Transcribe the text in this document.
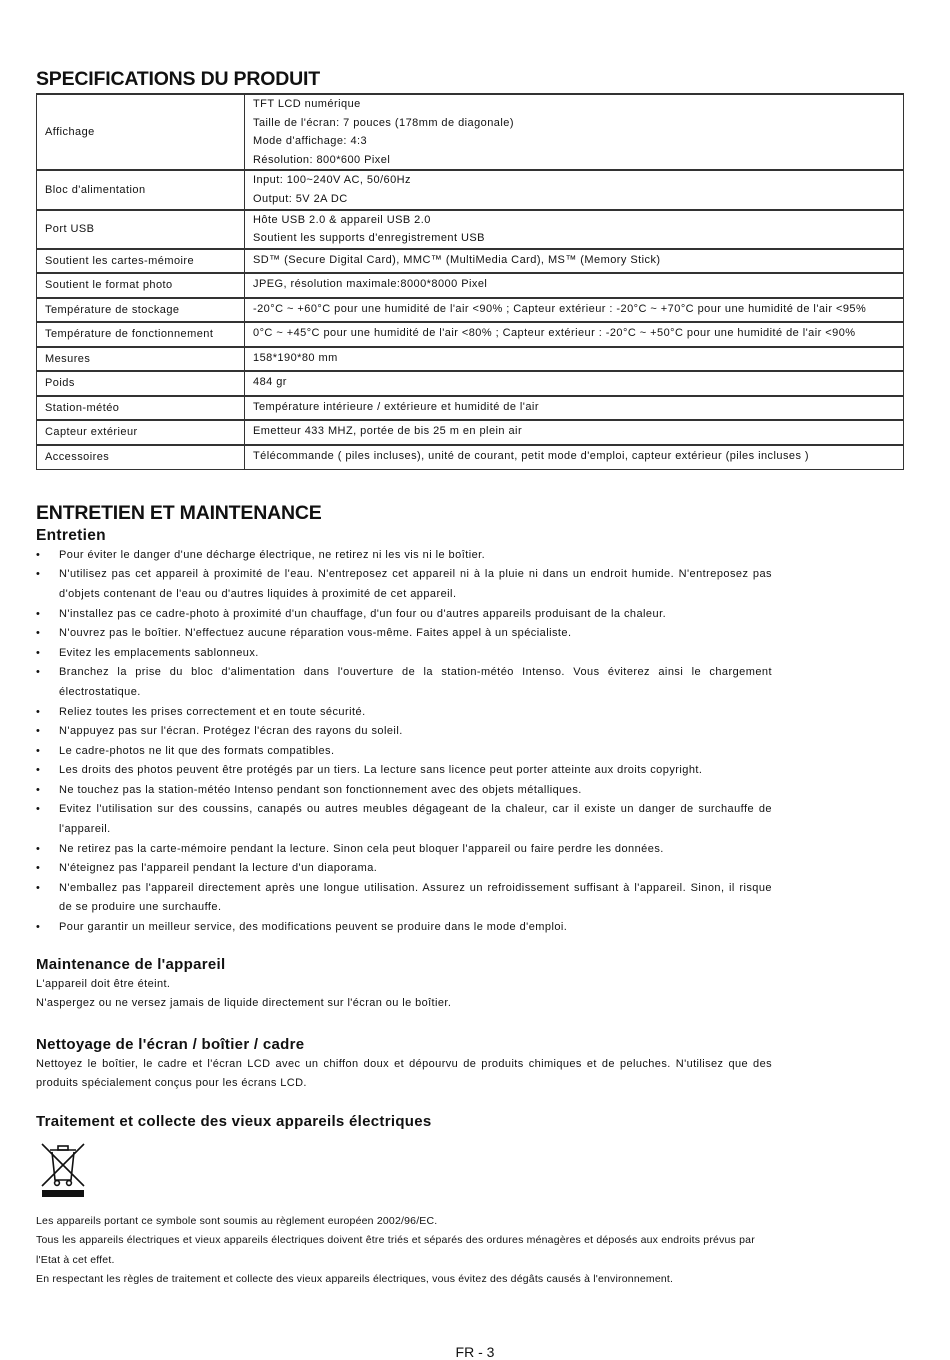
SPECIFICATIONS DU PRODUIT
Affichage	TFT LCD numérique
Taille de l'écran: 7 pouces (178mm de diagonale)
Mode d'affichage: 4:3
Résolution: 800*600 Pixel

Bloc d'alimentation	Input: 100~240V AC, 50/60Hz
Output: 5V 2A DC

Port USB	Hôte USB 2.0 & appareil USB 2.0
Soutient les supports d'enregistrement USB

Soutient les cartes-mémoire	SD™ (Secure Digital Card), MMC™ (MultiMedia Card), MS™ (Memory Stick)

Soutient le format photo	JPEG, résolution maximale:8000*8000 Pixel

Température de stockage	-20°C ~ +60°C pour une humidité de l'air <90% ; Capteur extérieur : -20°C ~ +70°C pour une humidité de l'air <95%

Température de fonctionnement	0°C ~ +45°C pour une humidité de l'air <80% ; Capteur extérieur : -20°C ~ +50°C pour une humidité de l'air <90%

Mesures	158*190*80 mm

Poids	484 gr

Station-météo	Température intérieure / extérieure et humidité de l'air

Capteur extérieur	Emetteur 433 MHZ, portée de bis 25 m en plein air

Accessoires	Télécommande ( piles incluses), unité de courant, petit mode d'emploi, capteur extérieur (piles incluses )
ENTRETIEN ET MAINTENANCE
Entretien
• Pour éviter le danger d'une décharge électrique, ne retirez ni les vis ni le boîtier.
• N'utilisez pas cet appareil à proximité de l'eau. N'entreposez cet appareil ni à la pluie ni dans un endroit humide. N'entreposez pas d'objets contenant de l'eau ou d'autres liquides à proximité de cet appareil.
• N'installez pas ce cadre-photo à proximité d'un chauffage, d'un four ou d'autres appareils produisant de la chaleur.
• N'ouvrez pas le boîtier. N'effectuez aucune réparation vous-même. Faites appel à un spécialiste.
• Evitez les emplacements sablonneux.
• Branchez la prise du bloc d'alimentation dans l'ouverture de la station-météo Intenso. Vous éviterez ainsi le chargement électrostatique.
• Reliez toutes les prises correctement et en toute sécurité.
• N'appuyez pas sur l'écran. Protégez l'écran des rayons du soleil.
• Le cadre-photos ne lit que des formats compatibles.
• Les droits des photos peuvent être protégés par un tiers. La lecture sans licence peut porter atteinte aux droits copyright.
• Ne touchez pas la station-météo Intenso pendant son fonctionnement avec des objets métalliques.
• Evitez l'utilisation sur des coussins, canapés ou autres meubles dégageant de la chaleur, car il existe un danger de surchauffe de l'appareil.
• Ne retirez pas la carte-mémoire pendant la lecture. Sinon cela peut bloquer l'appareil ou faire perdre les données.
• N'éteignez pas l'appareil pendant la lecture d'un diaporama.
• N'emballez pas l'appareil directement après une longue utilisation. Assurez un refroidissement suffisant à l'appareil. Sinon, il risque de se produire une surchauffe.
• Pour garantir un meilleur service, des modifications peuvent se produire dans le mode d'emploi.
Maintenance de l'appareil

L'appareil doit être éteint.

N'aspergez ou ne versez jamais de liquide directement sur l'écran ou le boîtier.

Nettoyage de l'écran / boîtier / cadre

Nettoyez le boîtier, le cadre et l'écran LCD avec un chiffon doux et dépourvu de produits chimiques et de peluches. N'utilisez que des produits spécialement conçus pour les écrans LCD.

Traitement et collecte des vieux appareils électriques

Les appareils portant ce symbole sont soumis au règlement européen 2002/96/EC.

Tous les appareils électriques et vieux appareils électriques doivent être triés et séparés des ordures ménagères et déposés aux endroits prévus par l'Etat à cet effet.

En respectant les règles de traitement et collecte des vieux appareils électriques, vous évitez des dégâts causés à l'environnement.

FR - 3
